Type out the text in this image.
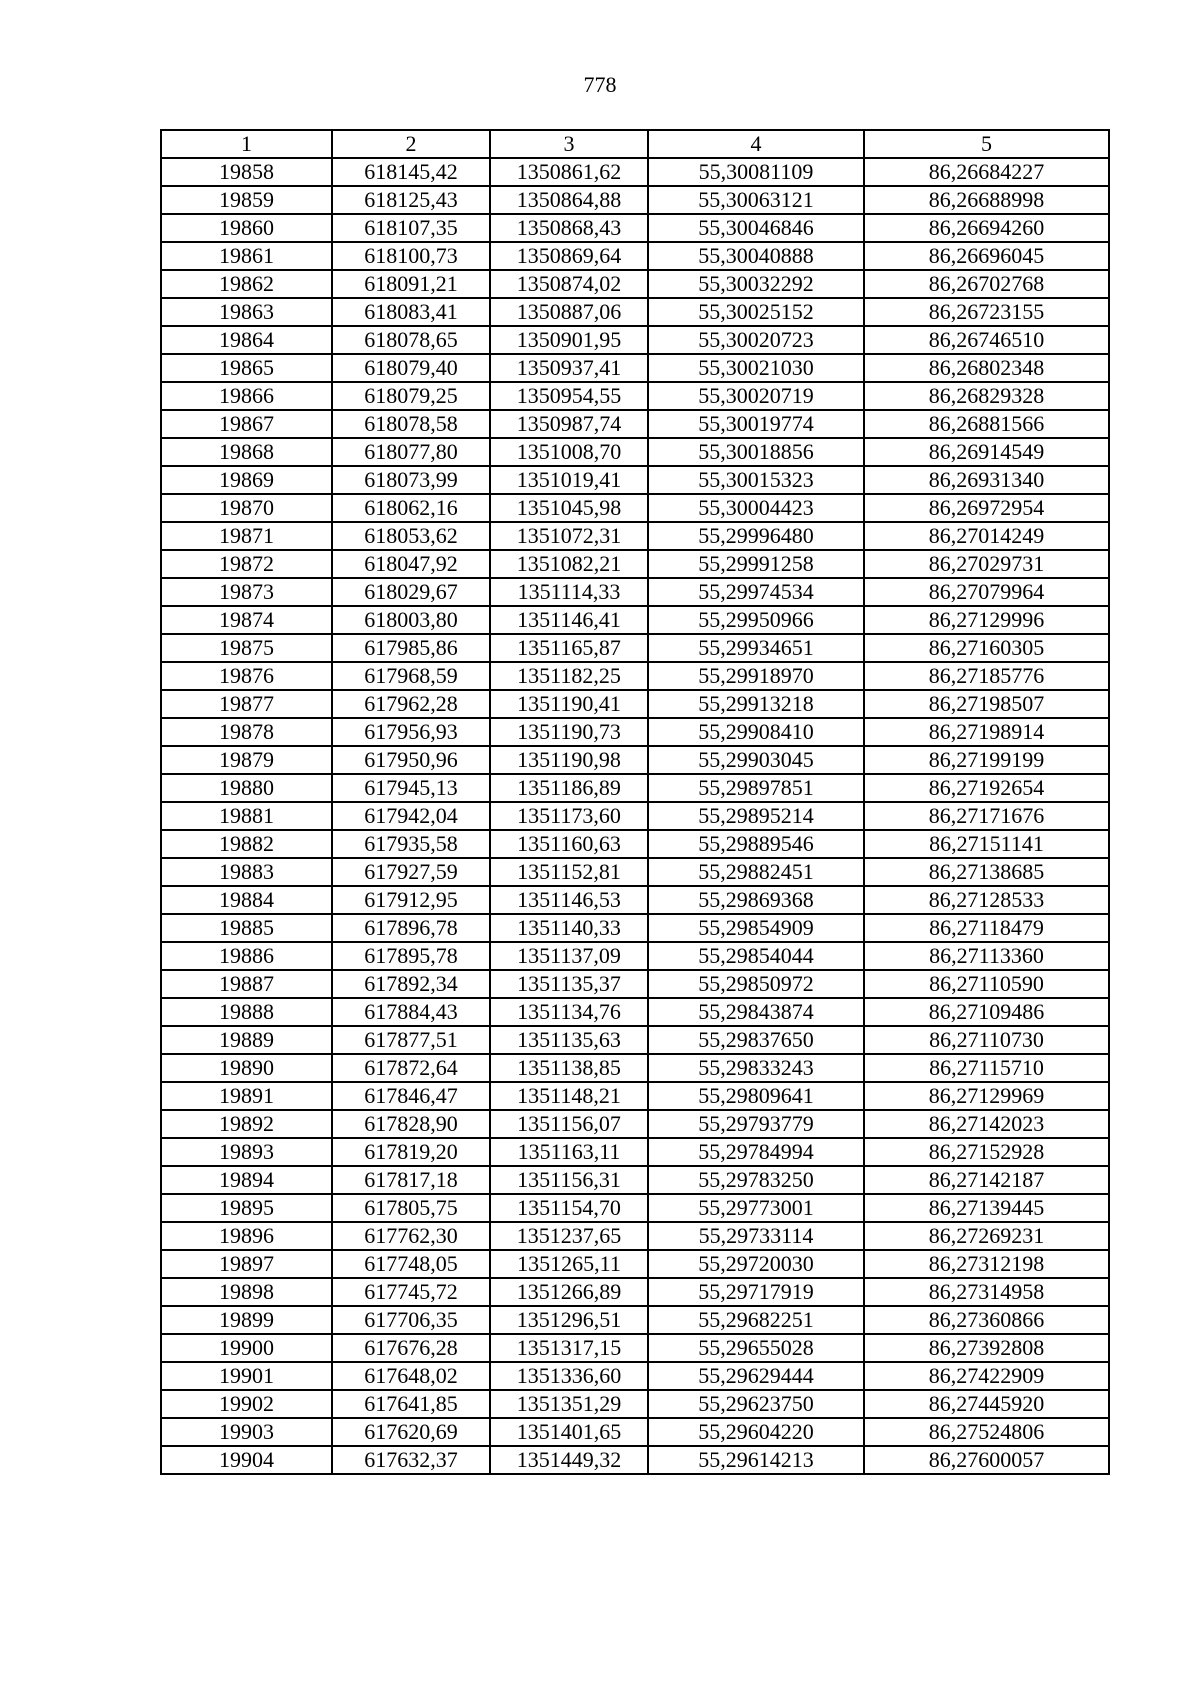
778
1	2	3	4	5
19858	618145,42	1350861,62	55,30081109	86,26684227
19859	618125,43	1350864,88	55,30063121	86,26688998
19860	618107,35	1350868,43	55,30046846	86,26694260
19861	618100,73	1350869,64	55,30040888	86,26696045
19862	618091,21	1350874,02	55,30032292	86,26702768
19863	618083,41	1350887,06	55,30025152	86,26723155
19864	618078,65	1350901,95	55,30020723	86,26746510
19865	618079,40	1350937,41	55,30021030	86,26802348
19866	618079,25	1350954,55	55,30020719	86,26829328
19867	618078,58	1350987,74	55,30019774	86,26881566
19868	618077,80	1351008,70	55,30018856	86,26914549
19869	618073,99	1351019,41	55,30015323	86,26931340
19870	618062,16	1351045,98	55,30004423	86,26972954
19871	618053,62	1351072,31	55,29996480	86,27014249
19872	618047,92	1351082,21	55,29991258	86,27029731
19873	618029,67	1351114,33	55,29974534	86,27079964
19874	618003,80	1351146,41	55,29950966	86,27129996
19875	617985,86	1351165,87	55,29934651	86,27160305
19876	617968,59	1351182,25	55,29918970	86,27185776
19877	617962,28	1351190,41	55,29913218	86,27198507
19878	617956,93	1351190,73	55,29908410	86,27198914
19879	617950,96	1351190,98	55,29903045	86,27199199
19880	617945,13	1351186,89	55,29897851	86,27192654
19881	617942,04	1351173,60	55,29895214	86,27171676
19882	617935,58	1351160,63	55,29889546	86,27151141
19883	617927,59	1351152,81	55,29882451	86,27138685
19884	617912,95	1351146,53	55,29869368	86,27128533
19885	617896,78	1351140,33	55,29854909	86,27118479
19886	617895,78	1351137,09	55,29854044	86,27113360
19887	617892,34	1351135,37	55,29850972	86,27110590
19888	617884,43	1351134,76	55,29843874	86,27109486
19889	617877,51	1351135,63	55,29837650	86,27110730
19890	617872,64	1351138,85	55,29833243	86,27115710
19891	617846,47	1351148,21	55,29809641	86,27129969
19892	617828,90	1351156,07	55,29793779	86,27142023
19893	617819,20	1351163,11	55,29784994	86,27152928
19894	617817,18	1351156,31	55,29783250	86,27142187
19895	617805,75	1351154,70	55,29773001	86,27139445
19896	617762,30	1351237,65	55,29733114	86,27269231
19897	617748,05	1351265,11	55,29720030	86,27312198
19898	617745,72	1351266,89	55,29717919	86,27314958
19899	617706,35	1351296,51	55,29682251	86,27360866
19900	617676,28	1351317,15	55,29655028	86,27392808
19901	617648,02	1351336,60	55,29629444	86,27422909
19902	617641,85	1351351,29	55,29623750	86,27445920
19903	617620,69	1351401,65	55,29604220	86,27524806
19904	617632,37	1351449,32	55,29614213	86,27600057
